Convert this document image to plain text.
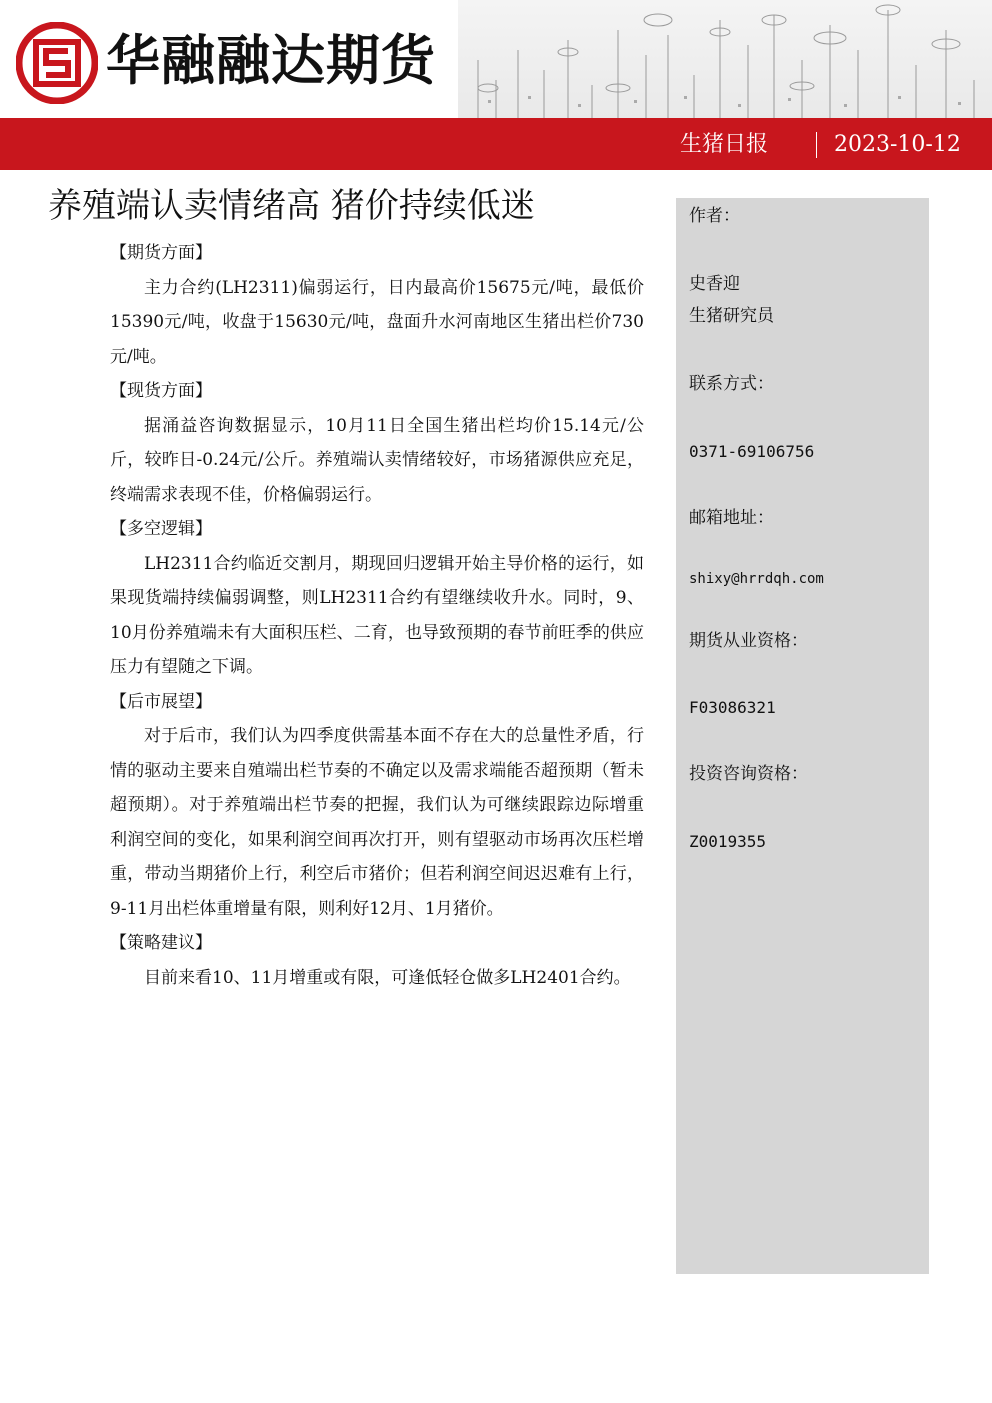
华融融达期货
生猪日报	2023-10-12
养殖端认卖情绪高 猪价持续低迷

【期货方面】

主力合约(LH2311)偏弱运行，日内最高价15675元/吨，最低价15390元/吨，收盘于15630元/吨，盘面升水河南地区生猪出栏价730元/吨。

【现货方面】

据涌益咨询数据显示，10月11日全国生猪出栏均价15.14元/公斤，较昨日-0.24元/公斤。养殖端认卖情绪较好，市场猪源供应充足，终端需求表现不佳，价格偏弱运行。

【多空逻辑】

LH2311合约临近交割月，期现回归逻辑开始主导价格的运行，如果现货端持续偏弱调整，则LH2311合约有望继续收升水。同时，9、10月份养殖端未有大面积压栏、二育，也导致预期的春节前旺季的供应压力有望随之下调。

【后市展望】

对于后市，我们认为四季度供需基本面不存在大的总量性矛盾，行情的驱动主要来自殖端出栏节奏的不确定以及需求端能否超预期（暂未超预期）。对于养殖端出栏节奏的把握，我们认为可继续跟踪边际增重利润空间的变化，如果利润空间再次打开，则有望驱动市场再次压栏增重，带动当期猪价上行，利空后市猪价；但若利润空间迟迟难有上行，9-11月出栏体重增量有限，则利好12月、1月猪价。

【策略建议】

目前来看10、11月增重或有限，可逢低轻仓做多LH2401合约。

作者：
史香迎
生猪研究员
联系方式：
0371-69106756
邮箱地址：
shixy@hrrdqh.com
期货从业资格：
F03086321
投资咨询资格：
Z0019355
